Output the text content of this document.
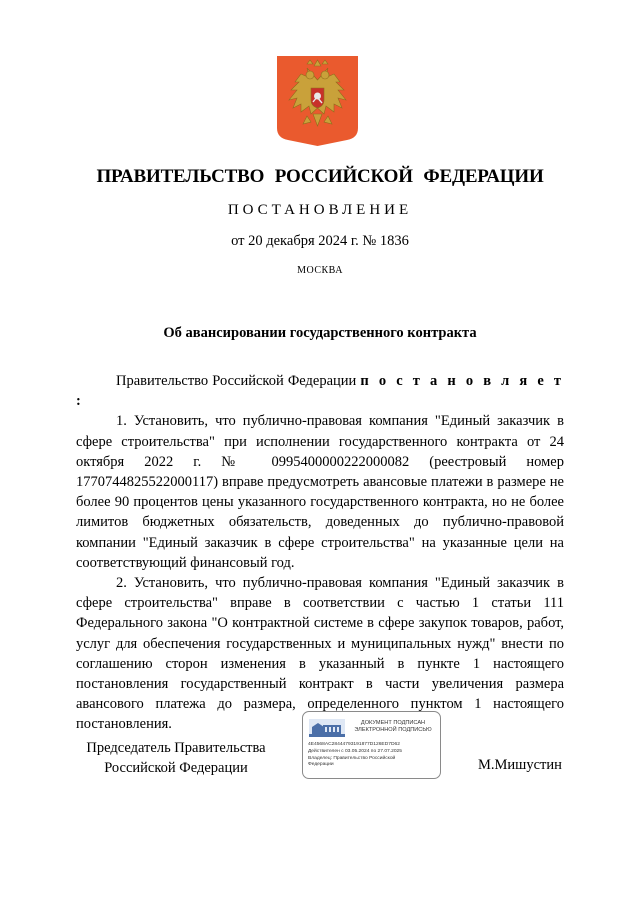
ПРАВИТЕЛЬСТВО РОССИЙСКОЙ ФЕДЕРАЦИИ
ПОСТАНОВЛЕНИЕ
от 20 декабря 2024 г. № 1836
МОСКВА
Об авансировании государственного контракта

Правительство Российской Федерации п о с т а н о в л я е т :

1. Установить, что публично-правовая компания "Единый заказчик в сфере строительства" при исполнении государственного контракта от 24 октября 2022 г. № 0995400000222000082 (реестровый номер 1770744825522000117) вправе предусмотреть авансовые платежи в размере не более 90 процентов цены указанного государственного контракта, но не более лимитов бюджетных обязательств, доведенных до публично-правовой компании "Единый заказчик в сфере строительства" на указанные цели на соответствующий финансовый год.

2. Установить, что публично-правовая компания "Единый заказчик в сфере строительства" вправе в соответствии с частью 1 статьи 111 Федерального закона "О контрактной системе в сфере закупок товаров, работ, услуг для обеспечения государственных и муниципальных нужд" внести по соглашению сторон изменения в указанный в пункте 1 настоящего постановления государственный контракт в части увеличения размера авансового платежа до размера, определенного пунктом 1 настоящего постановления.

Председатель Правительства
Российской Федерации
ДОКУМЕНТ ПОДПИСАН
ЭЛЕКТРОННОЙ ПОДПИСЬЮ
4E4568AC28444793191877D126ED7D62
Действителен с 03.05.2024 по 27.07.2025
Владелец: Правительство Российской
Федерации	М.Мишустин
